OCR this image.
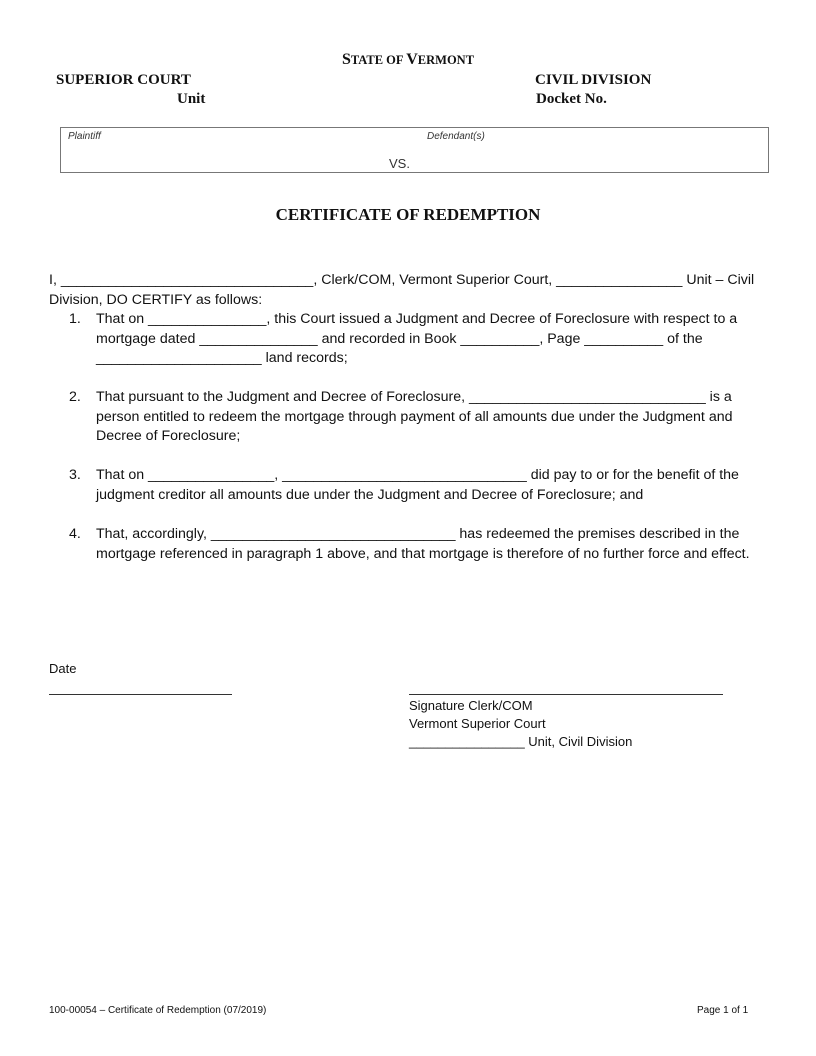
STATE OF VERMONT
SUPERIOR COURT
Unit
CIVIL DIVISION
Docket No.
Plaintiff	Defendant(s)
VS.
CERTIFICATE OF REDEMPTION
I, ________________________________, Clerk/COM, Vermont Superior Court, ________________ Unit – Civil
Division, DO CERTIFY as follows:
1. That on _______________, this Court issued a Judgment and Decree of Foreclosure with respect to a mortgage dated _______________ and recorded in Book __________, Page __________ of the _____________________ land records;
2. That pursuant to the Judgment and Decree of Foreclosure, ______________________________ is a person entitled to redeem the mortgage through payment of all amounts due under the Judgment and Decree of Foreclosure;
3. That on ________________, _______________________________ did pay to or for the benefit of the judgment creditor all amounts due under the Judgment and Decree of Foreclosure; and
4. That, accordingly, _______________________________ has redeemed the premises described in the mortgage referenced in paragraph 1 above, and that mortgage is therefore of no further force and effect.
Date
Signature Clerk/COM
Vermont Superior Court
________________ Unit, Civil Division
100-00054 – Certificate of Redemption (07/2019)	Page 1 of 1
